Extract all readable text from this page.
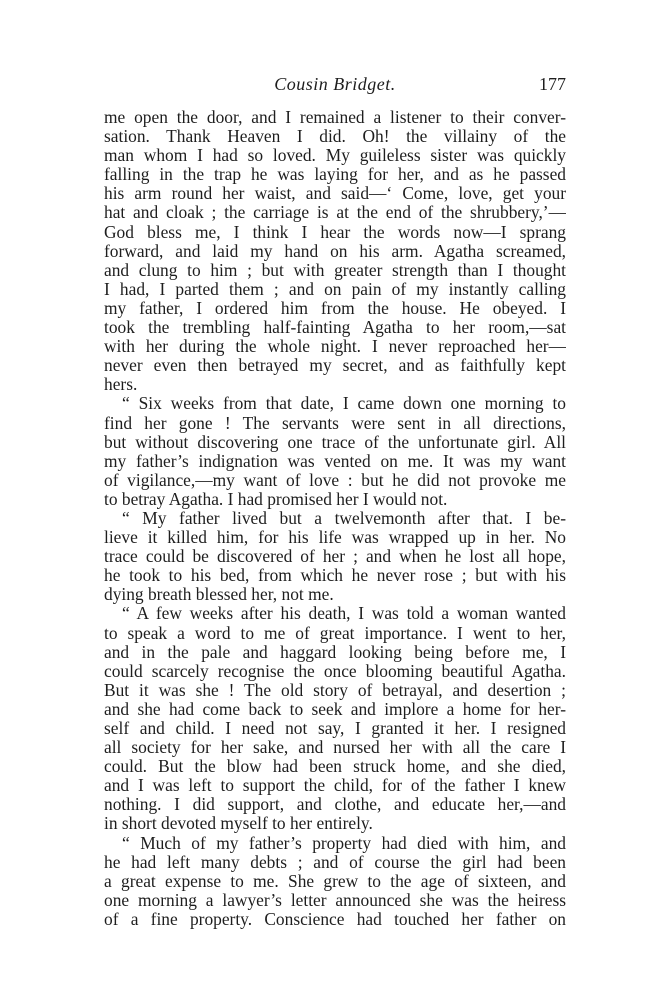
Cousin Bridget.	177
me open the door, and I remained a listener to their conver-
sation. Thank Heaven I did. Oh! the villainy of the
man whom I had so loved. My guileless sister was quickly
falling in the trap he was laying for her, and as he passed
his arm round her waist, and said—‘ Come, love, get your
hat and cloak ; the carriage is at the end of the shrubbery,’—
God bless me, I think I hear the words now—I sprang
forward, and laid my hand on his arm. Agatha screamed,
and clung to him ; but with greater strength than I thought
I had, I parted them ; and on pain of my instantly calling
my father, I ordered him from the house. He obeyed. I
took the trembling half-fainting Agatha to her room,—sat
with her during the whole night. I never reproached her—
never even then betrayed my secret, and as faithfully kept
hers.
“ Six weeks from that date, I came down one morning to
find her gone ! The servants were sent in all directions,
but without discovering one trace of the unfortunate girl. All
my father’s indignation was vented on me. It was my want
of vigilance,—my want of love : but he did not provoke me
to betray Agatha. I had promised her I would not.
“ My father lived but a twelvemonth after that. I be-
lieve it killed him, for his life was wrapped up in her. No
trace could be discovered of her ; and when he lost all hope,
he took to his bed, from which he never rose ; but with his
dying breath blessed her, not me.
“ A few weeks after his death, I was told a woman wanted
to speak a word to me of great importance. I went to her,
and in the pale and haggard looking being before me, I
could scarcely recognise the once blooming beautiful Agatha.
But it was she ! The old story of betrayal, and desertion ;
and she had come back to seek and implore a home for her-
self and child. I need not say, I granted it her. I resigned
all society for her sake, and nursed her with all the care I
could. But the blow had been struck home, and she died,
and I was left to support the child, for of the father I knew
nothing. I did support, and clothe, and educate her,—and
in short devoted myself to her entirely.
“ Much of my father’s property had died with him, and
he had left many debts ; and of course the girl had been
a great expense to me. She grew to the age of sixteen, and
one morning a lawyer’s letter announced she was the heiress
of a fine property. Conscience had touched her father on
